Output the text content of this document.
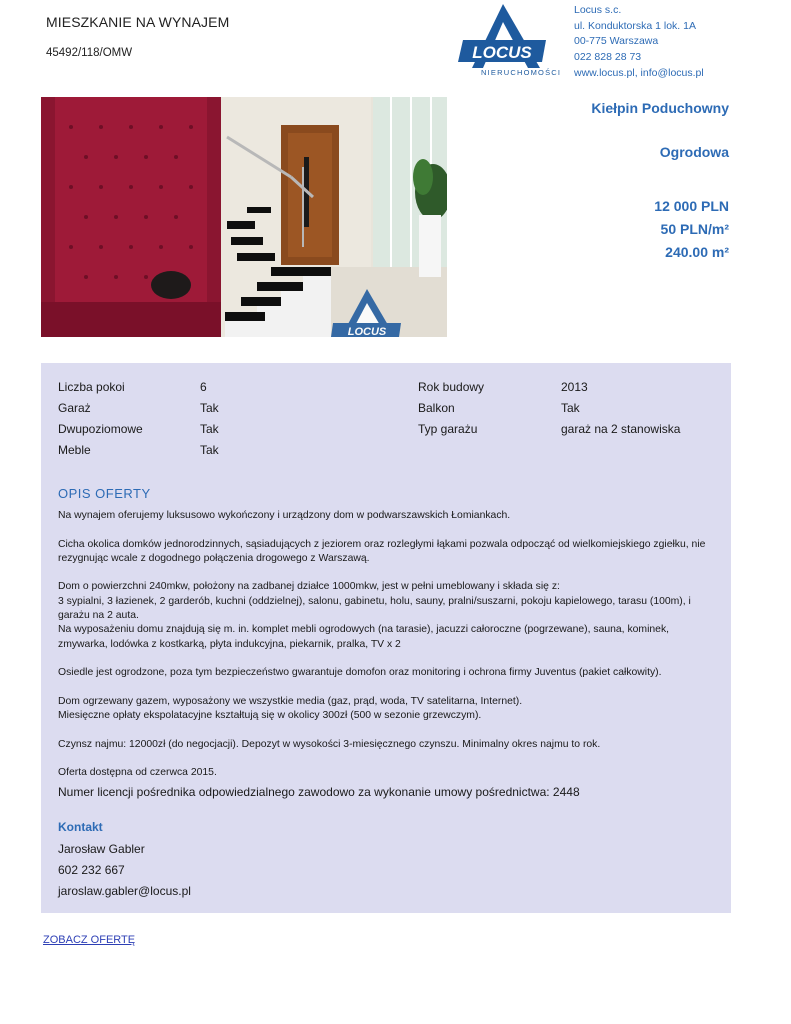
MIESZKANIE NA WYNAJEM
45492/118/OMW	LOCUS
NIERUCHOMOŚCI
Locus s.c.
ul. Konduktorska 1 lok. 1A
00-775 Warszawa
022 828 28 73
www.locus.pl, info@locus.pl
LOCUS
Kiełpin Poduchowny
Ogrodowa
12 000 PLN
50 PLN/m²
240.00 m²
Liczba pokoi	6	Rok budowy	2013
Garaż	Tak	Balkon	Tak
Dwupoziomowe	Tak	Typ garażu	garaż na 2 stanowiska
Meble	Tak
OPIS OFERTY

Na wynajem oferujemy luksusowo wykończony i urządzony dom w podwarszawskich Łomiankach.

Cicha okolica domków jednorodzinnych, sąsiadujących z jeziorem oraz rozległymi łąkami pozwala odpocząć od wielkomiejskiego zgiełku, nie rezygnując wcale z dogodnego połączenia drogowego z Warszawą.

Dom o powierzchni 240mkw, położony na zadbanej działce 1000mkw, jest w pełni umeblowany i składa się z:

3 sypialni, 3 łazienek, 2 garderób, kuchni (oddzielnej), salonu, gabinetu, holu, sauny, pralni/suszarni, pokoju kapielowego, tarasu (100m), i garażu na 2 auta.

Na wyposażeniu domu znajdują się m. in. komplet mebli ogrodowych (na tarasie), jacuzzi całoroczne (pogrzewane), sauna, kominek, zmywarka, lodówka z kostkarką, płyta indukcyjna, piekarnik, pralka, TV x 2

Osiedle jest ogrodzone, poza tym bezpieczeństwo gwarantuje domofon oraz monitoring i ochrona firmy Juventus (pakiet całkowity).

Dom ogrzewany gazem, wyposażony we wszystkie media (gaz, prąd, woda, TV satelitarna, Internet).

Miesięczne opłaty ekspolatacyjne kształtują się w okolicy 300zł (500 w sezonie grzewczym).

Czynsz najmu: 12000zł (do negocjacji). Depozyt w wysokości 3-miesięcznego czynszu. Minimalny okres najmu to rok.

Oferta dostępna od czerwca 2015.

Numer licencji pośrednika odpowiedzialnego zawodowo za wykonanie umowy pośrednictwa: 2448
Kontakt
Jarosław Gabler
602 232 667
jaroslaw.gabler@locus.pl
ZOBACZ OFERTĘ
